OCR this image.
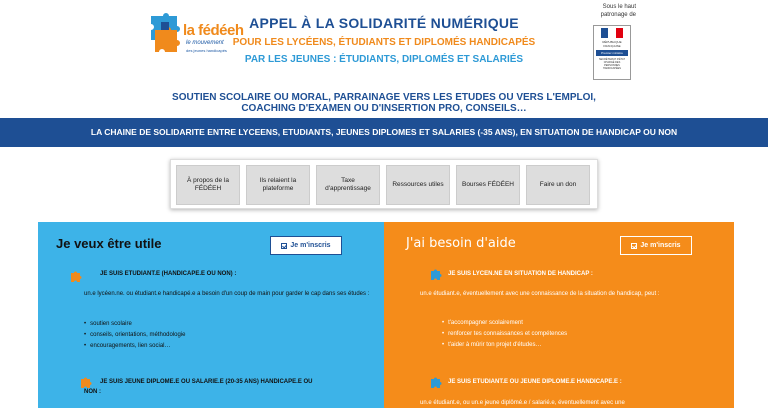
la fédéeh
le mouvement
des jeunes handicapés
APPEL À LA SOLIDARITÉ NUMÉRIQUE
POUR LES LYCÉENS, ÉTUDIANTS ET DIPLOMÉS HANDICAPÉS
PAR LES JEUNES : ÉTUDIANTS, DIPLOMÉS ET SALARIÉS
Sous le haut patronage de
RÉPUBLIQUE FRANÇAISE
Premier ministre
SECRÉTARIAT D'ÉTAT CHARGÉ DES PERSONNES HANDICAPÉES
SOUTIEN SCOLAIRE OU MORAL, PARRAINAGE VERS LES ETUDES OU VERS L'EMPLOI,
COACHING D'EXAMEN OU D'INSERTION PRO, CONSEILS…
LA CHAINE DE SOLIDARITE ENTRE LYCEENS, ETUDIANTS, JEUNES DIPLOMES ET SALARIES (-35 ANS), EN SITUATION DE HANDICAP OU NON
À propos de la FÉDÉEH
Ils relaient la plateforme
Taxe d'apprentissage
Ressources utiles	Bourses FÉDÉEH	Faire un don
Je veux être utile	Je m'inscris
JE SUIS ETUDIANT.E (HANDICAPE.E OU NON) :
un.e lycéen.ne. ou étudiant.e handicapé.e a besoin d'un coup de main pour garder le cap dans ses études :
• soutien scolaire
• conseils, orientations, méthodologie
• encouragements, lien social…
JE SUIS JEUNE DIPLOME.E OU SALARIE.E (20-35 ANS) HANDICAPE.E OU
NON :
J'ai besoin d'aide	Je m'inscris
JE SUIS LYCEN.NE EN SITUATION DE HANDICAP :
un.e étudiant.e, éventuellement avec une connaissance de la situation de handicap, peut :
• t'accompagner scolairement
• renforcer tes connaissances et compétences
• t'aider à mûrir ton projet d'études…
JE SUIS ETUDIANT.E OU JEUNE DIPLOME.E HANDICAPE.E :
un.e étudiant.e, ou un.e jeune diplômé.e / salarié.e, éventuellement avec une
